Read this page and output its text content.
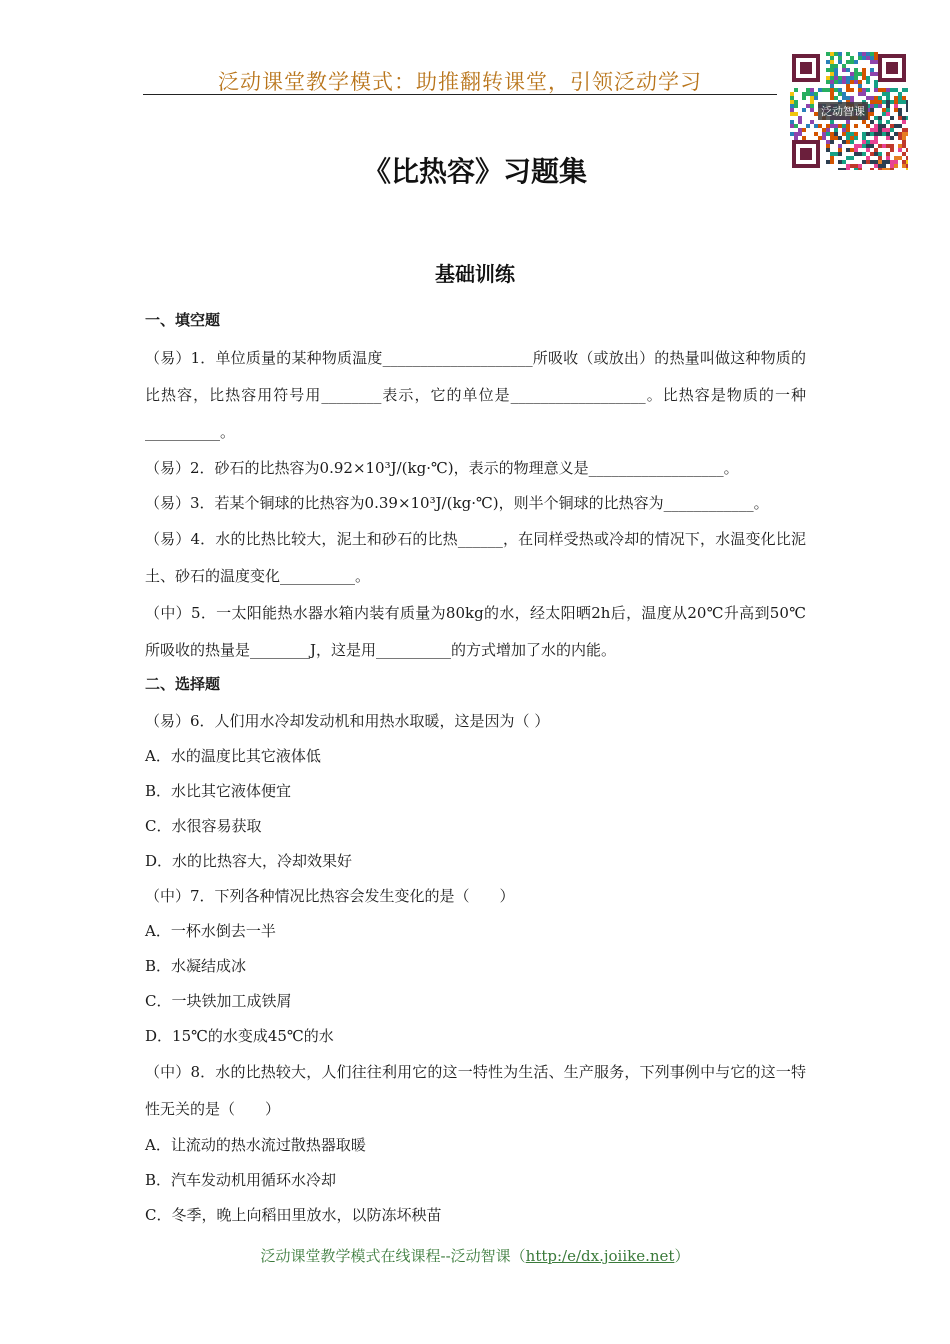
泛动课堂教学模式：助推翻转课堂，引领泛动学习
泛动智课
《比热容》习题集
基础训练
一、填空题
（易）1．单位质量的某种物质温度____________________所吸收（或放出）的热量叫做这种物质的比热容，比热容用符号用________表示，它的单位是__________________。比热容是物质的一种__________。
（易）2．砂石的比热容为0.92×10³J/(kg·℃)，表示的物理意义是__________________。
（易）3．若某个铜球的比热容为0.39×10³J/(kg·℃)，则半个铜球的比热容为____________。
（易）4．水的比热比较大，泥土和砂石的比热______，在同样受热或冷却的情况下，水温变化比泥土、砂石的温度变化__________。
（中）5．一太阳能热水器水箱内装有质量为80kg的水，经太阳晒2h后，温度从20℃升高到50℃所吸收的热量是________J，这是用__________的方式增加了水的内能。
二、选择题
（易）6．人们用水冷却发动机和用热水取暖，这是因为（ ）
A．水的温度比其它液体低
B．水比其它液体便宜
C．水很容易获取
D．水的比热容大，冷却效果好
（中）7．下列各种情况比热容会发生变化的是（　　）
A．一杯水倒去一半
B．水凝结成冰
C．一块铁加工成铁屑
D．15℃的水变成45℃的水
（中）8．水的比热较大，人们往往利用它的这一特性为生活、生产服务，下列事例中与它的这一特性无关的是（　　）
A．让流动的热水流过散热器取暖
B．汽车发动机用循环水冷却
C．冬季，晚上向稻田里放水，以防冻坏秧苗
泛动课堂教学模式在线课程--泛动智课（http:/e/dx.joiike.net）
